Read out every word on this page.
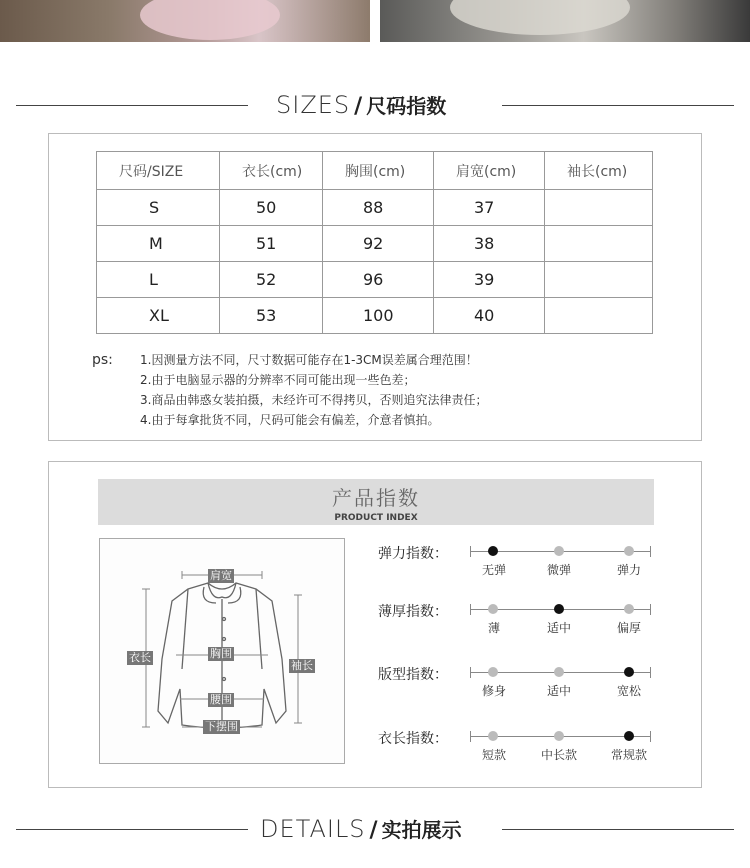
SIZES / 尺码指数
尺码/SIZE	衣长(cm)	胸围(cm)	肩宽(cm)	袖长(cm)
S	50	88	37	
M	51	92	38	
L	52	96	39	
XL	53	100	40	
ps: 1.因测量方法不同，尺寸数据可能存在1-3CM误差属合理范围！
2.由于电脑显示器的分辨率不同可能出现一些色差；
3.商品由韩惑女装拍摄，未经许可不得拷贝，否则追究法律责任；
4.由于每拿批货不同，尺码可能会有偏差，介意者慎拍。
产品指数
PRODUCT INDEX
肩宽
衣长	胸围
袖长
腰围
下摆围
弹力指数：
无弹	微弹	弹力
薄厚指数：
薄	适中	偏厚
版型指数：
修身	适中	宽松
衣长指数：
短款	中长款	常规款
DETAILS / 实拍展示
